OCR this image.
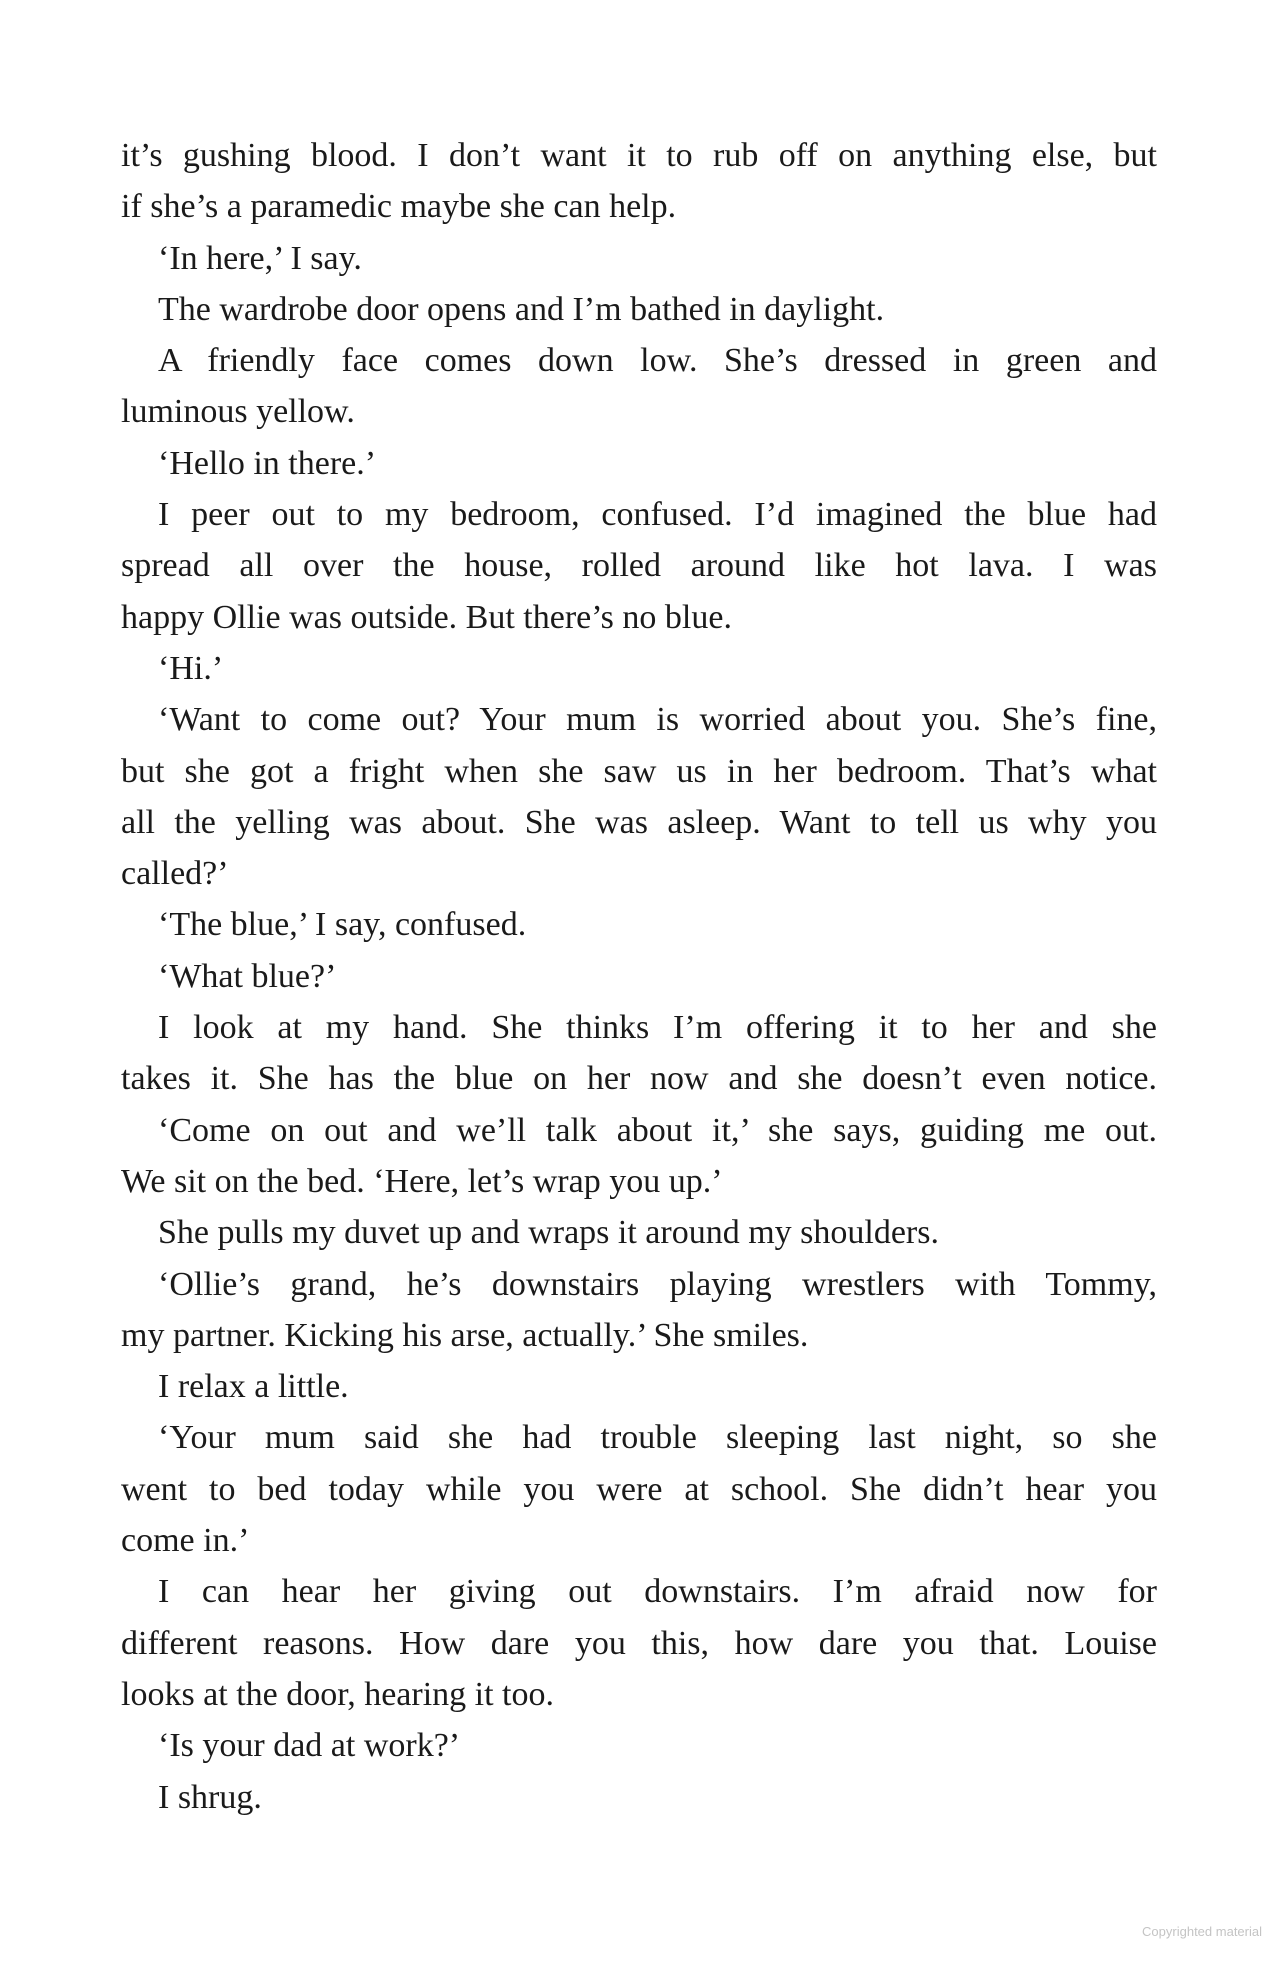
it’s gushing blood. I don’t want it to rub off on anything else, but
if she’s a paramedic maybe she can help.
‘In here,’ I say.
The wardrobe door opens and I’m bathed in daylight.
A friendly face comes down low. She’s dressed in green and
luminous yellow.
‘Hello in there.’
I peer out to my bedroom, confused. I’d imagined the blue had
spread all over the house, rolled around like hot lava. I was
happy Ollie was outside. But there’s no blue.
‘Hi.’
‘Want to come out? Your mum is worried about you. She’s fine,
but she got a fright when she saw us in her bedroom. That’s what
all the yelling was about. She was asleep. Want to tell us why you
called?’
‘The blue,’ I say, confused.
‘What blue?’
I look at my hand. She thinks I’m offering it to her and she
takes it. She has the blue on her now and she doesn’t even notice.
‘Come on out and we’ll talk about it,’ she says, guiding me out.
We sit on the bed. ‘Here, let’s wrap you up.’
She pulls my duvet up and wraps it around my shoulders.
‘Ollie’s grand, he’s downstairs playing wrestlers with Tommy,
my partner. Kicking his arse, actually.’ She smiles.
I relax a little.
‘Your mum said she had trouble sleeping last night, so she
went to bed today while you were at school. She didn’t hear you
come in.’
I can hear her giving out downstairs. I’m afraid now for
different reasons. How dare you this, how dare you that. Louise
looks at the door, hearing it too.
‘Is your dad at work?’
I shrug.
Copyrighted material
